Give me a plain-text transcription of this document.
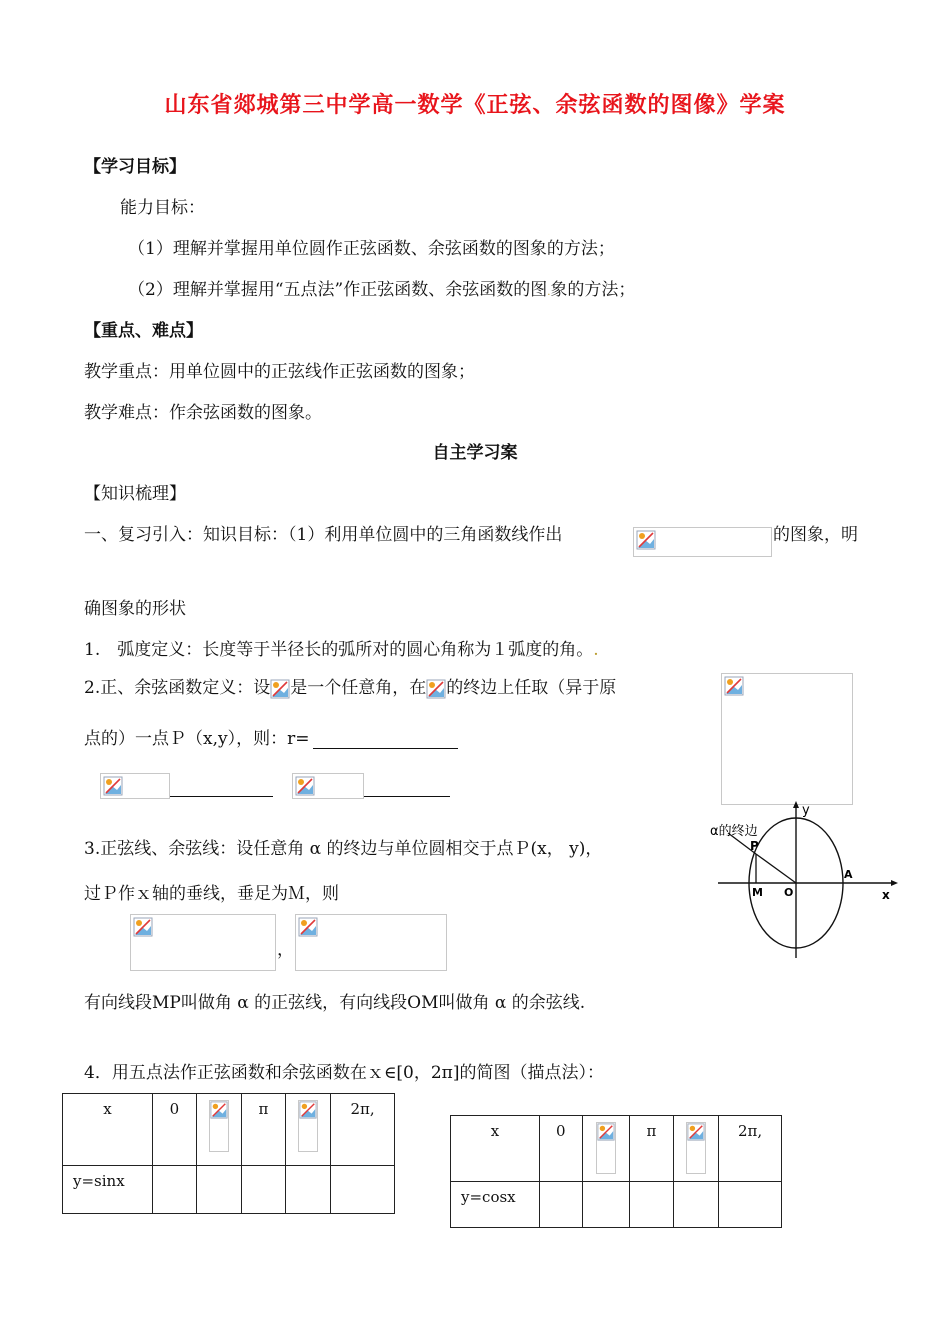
山东省郯城第三中学高一数学《正弦、余弦函数的图像》学案
【学习目标】
能力目标：
（1）理解并掌握用单位圆作正弦函数、余弦函数的图象的方法；
（2）理解并掌握用“五点法”作正弦函数、余弦函数的图.象的方法；
【重点、难点】
教学重点：用单位圆中的正弦线作正弦函数的图象；
教学难点：作余弦函数的图象。
自主学习案
【知识梳理】
一、复习引入：知识目标：（1）利用单位圆中的三角函数线作出	的图象，明
确图象的形状
1.　弧度定义：长度等于半径长的弧所对的圆心角称为１弧度的角。.
2.正、余弦函数定义：设 是一个任意角，在 的终边上任取（异于原
点的）一点Ｐ（x,y），则：r=
α的终边
P
y
x
M O
A
3.正弦线、余弦线：设任意角 α 的终边与单位圆相交于点Ｐ(x， y)，
过Ｐ作ｘ轴的垂线，垂足为Ｍ，则
，
有向线段MP叫做角 α 的正弦线，有向线段OM叫做角 α 的余弦线.
4．用五点法作正弦函数和余弦函数在ｘ∈[0，2π]的简图（描点法）：
x	0		π		2π,
y=sinx					
x	0		π		2π,
y=cosx					
